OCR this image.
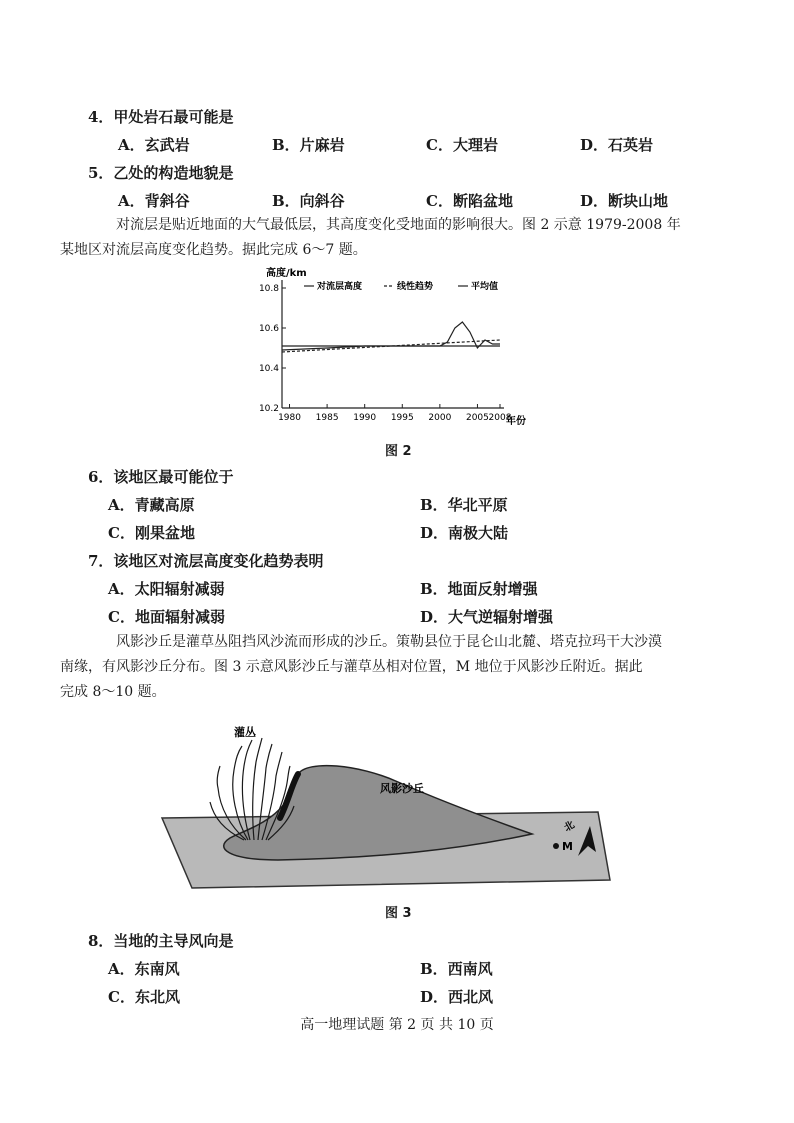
4．甲处岩石最可能是
A．玄武岩	B．片麻岩	C．大理岩	D．石英岩
5．乙处的构造地貌是
A．背斜谷	B．向斜谷	C．断陷盆地	D．断块山地
对流层是贴近地面的大气最低层，其高度变化受地面的影响很大。图 2 示意 1979-2008 年
某地区对流层高度变化趋势。据此完成 6～7 题。
高度/km
年份
对流层高度	线性趋势	平均值
10.2
10.4
10.6
10.8
1980 1985 1990 1995 2000 2005 2008
图 2
6．该地区最可能位于
A．青藏高原	B．华北平原
C．刚果盆地	D．南极大陆
7．该地区对流层高度变化趋势表明
A．太阳辐射减弱	B．地面反射增强
C．地面辐射减弱	D．大气逆辐射增强
风影沙丘是灌草丛阻挡风沙流而形成的沙丘。策勒县位于昆仑山北麓、塔克拉玛干大沙漠
南缘，有风影沙丘分布。图 3 示意风影沙丘与灌草丛相对位置，M 地位于风影沙丘附近。据此
完成 8～10 题。
灌丛
风影沙丘
M
北
图 3
8．当地的主导风向是
A．东南风	B．西南风
C．东北风	D．西北风
高一地理试题 第 2 页 共 10 页
